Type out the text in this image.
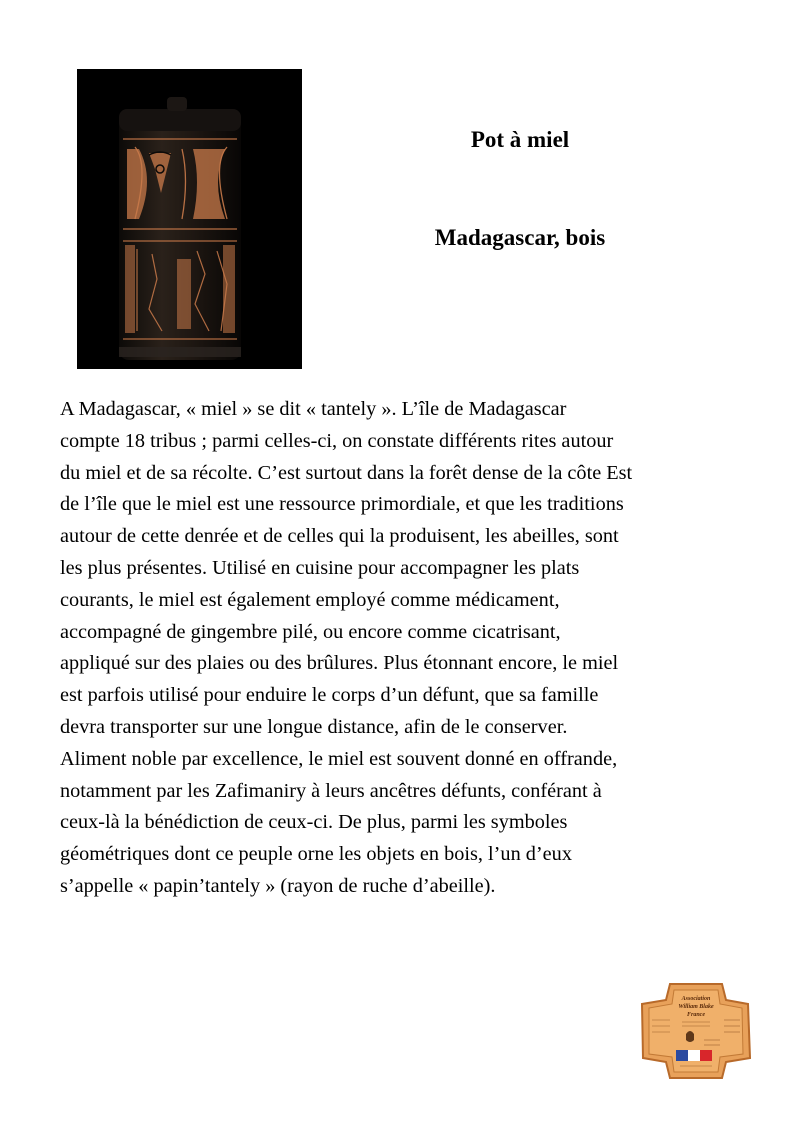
Pot à miel
Madagascar, bois

A Madagascar, « miel » se dit « tantely ». L’île de Madagascar
compte 18 tribus ; parmi celles-ci, on constate différents rites autour
du miel et de sa récolte. C’est surtout dans la forêt dense de la côte Est
de l’île que le miel est une ressource primordiale, et que les traditions
autour de cette denrée et de celles qui la produisent, les abeilles, sont
les plus présentes. Utilisé en cuisine pour accompagner les plats
courants, le miel est également employé comme médicament,
accompagné de gingembre pilé, ou encore comme cicatrisant,
appliqué sur des plaies ou des brûlures. Plus étonnant encore, le miel
est parfois utilisé pour enduire le corps d’un défunt, que sa famille
devra transporter sur une longue distance, afin de le conserver.
Aliment noble par excellence, le miel est souvent donné en offrande,
notamment par les Zafimaniry à leurs ancêtres défunts, conférant à
ceux-là la bénédiction de ceux-ci. De plus, parmi les symboles
géométriques dont ce peuple orne les objets en bois, l’un d’eux
s’appelle « papin’tantely » (rayon de ruche d’abeille).

Association
William Blake
France
